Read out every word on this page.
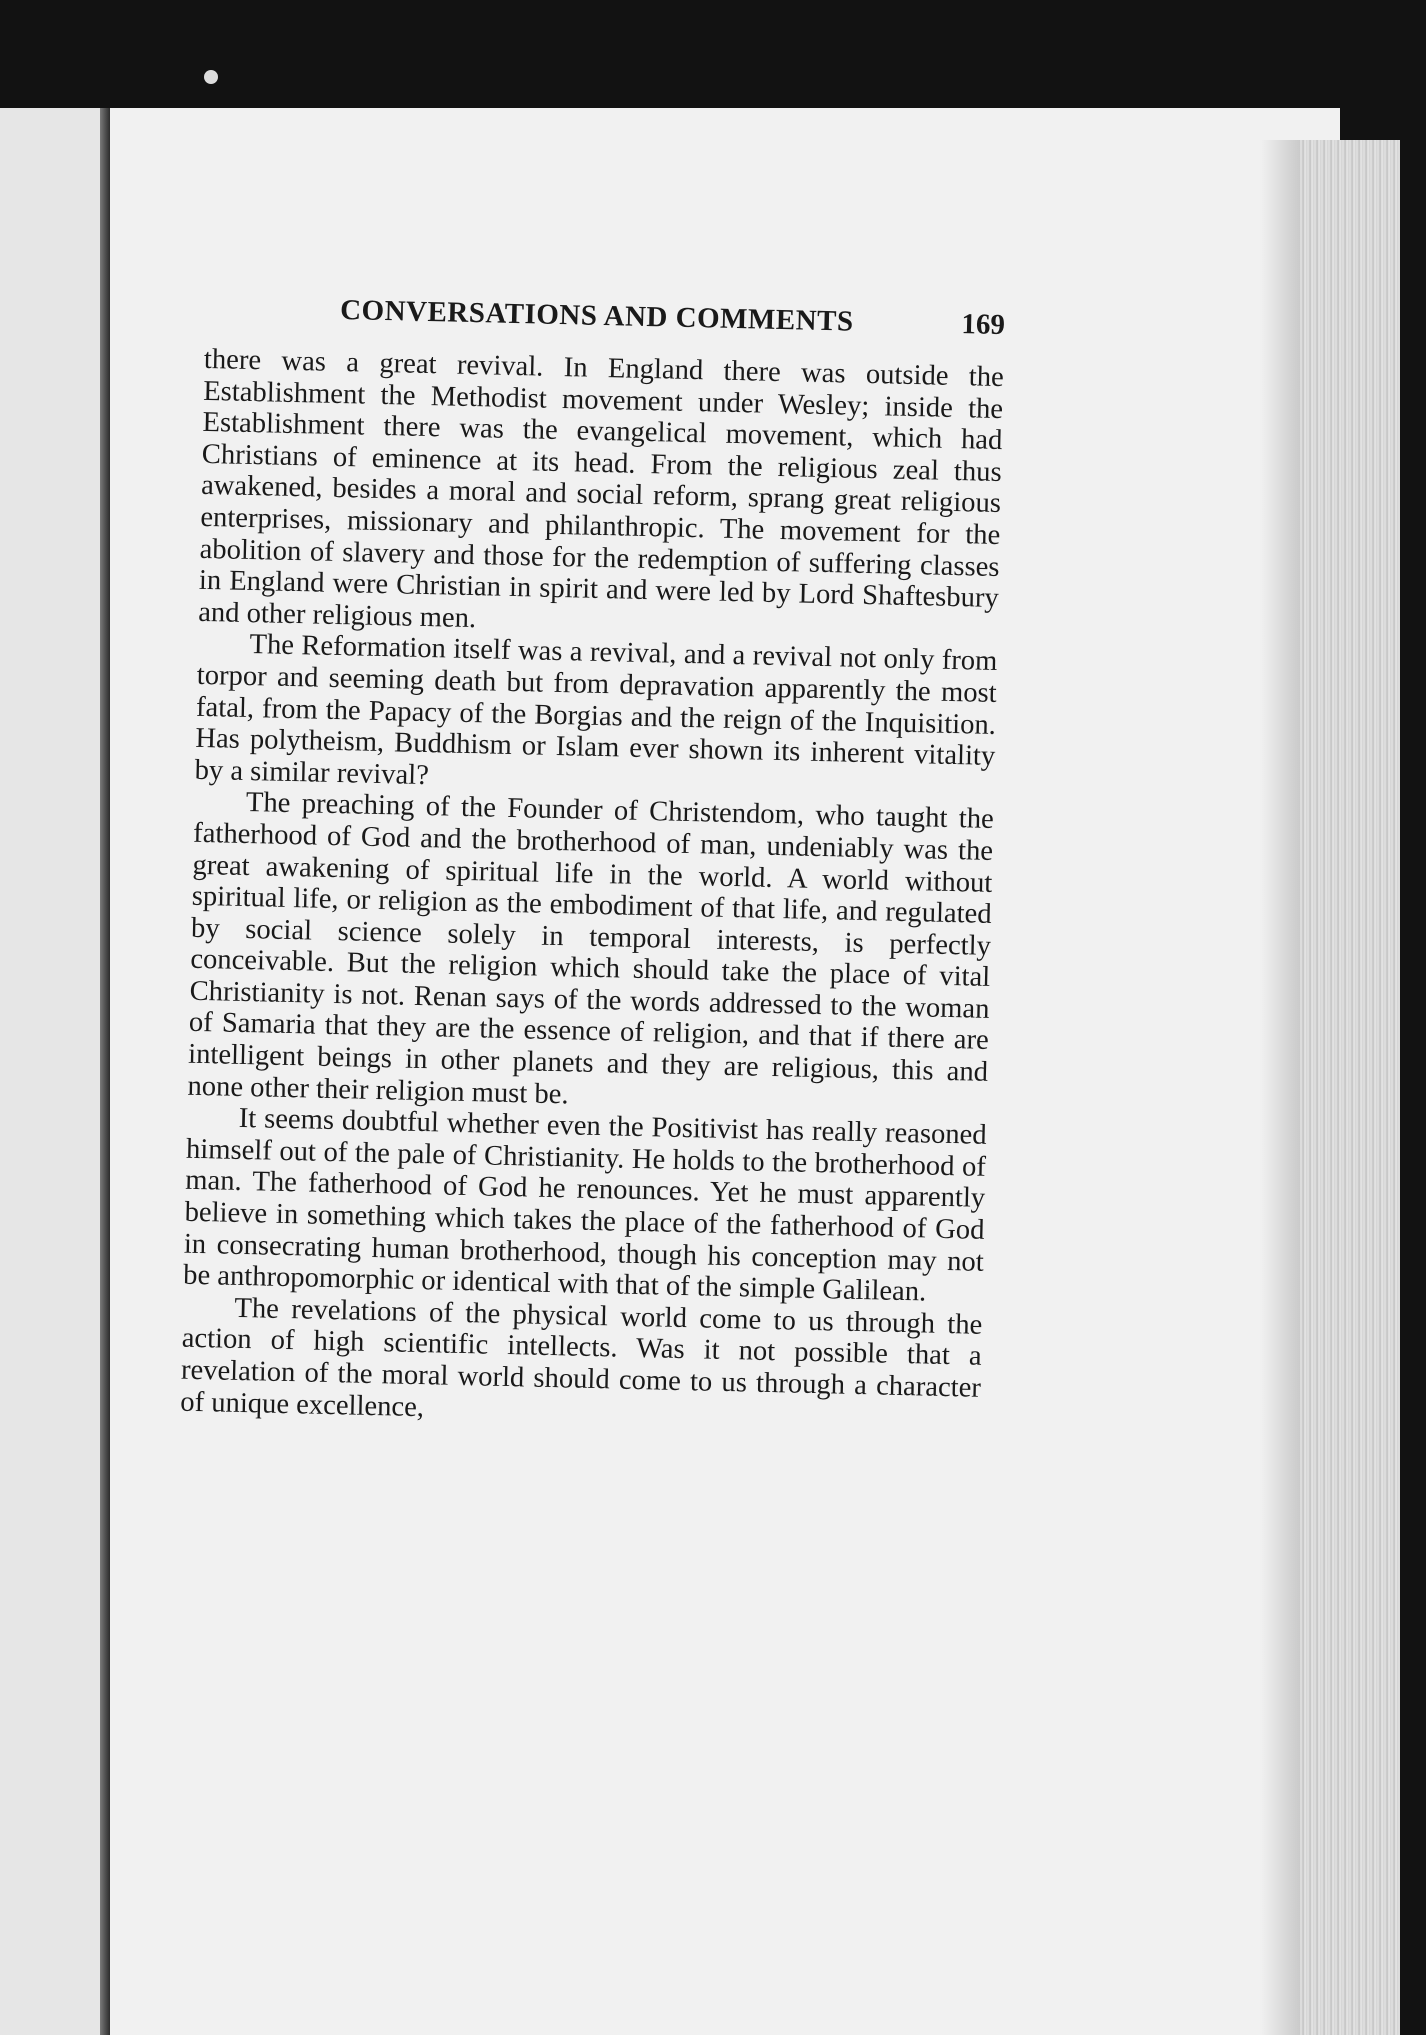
CONVERSATIONS AND COMMENTS	169

there was a great revival. In England there was outside the Establishment the Methodist movement under Wesley; inside the Establishment there was the evangelical movement, which had Christians of eminence at its head. From the religious zeal thus awakened, besides a moral and social reform, sprang great religious enterprises, missionary and philanthropic. The movement for the abolition of slavery and those for the redemption of suffering classes in England were Christian in spirit and were led by Lord Shaftesbury and other religious men.

The Reformation itself was a revival, and a revival not only from torpor and seeming death but from depravation apparently the most fatal, from the Papacy of the Borgias and the reign of the Inquisition. Has polytheism, Buddhism or Islam ever shown its inherent vitality by a similar revival?

The preaching of the Founder of Christendom, who taught the fatherhood of God and the brotherhood of man, undeniably was the great awakening of spiritual life in the world. A world without spiritual life, or religion as the embodiment of that life, and regulated by social science solely in temporal interests, is perfectly conceivable. But the religion which should take the place of vital Christianity is not. Renan says of the words addressed to the woman of Samaria that they are the essence of religion, and that if there are intelligent beings in other planets and they are religious, this and none other their religion must be.

It seems doubtful whether even the Positivist has really reasoned himself out of the pale of Christianity. He holds to the brotherhood of man. The fatherhood of God he renounces. Yet he must apparently believe in something which takes the place of the fatherhood of God in consecrating human brotherhood, though his conception may not be anthropomorphic or identical with that of the simple Galilean.

The revelations of the physical world come to us through the action of high scientific intellects. Was it not possible that a revelation of the moral world should come to us through a character of unique excellence,
